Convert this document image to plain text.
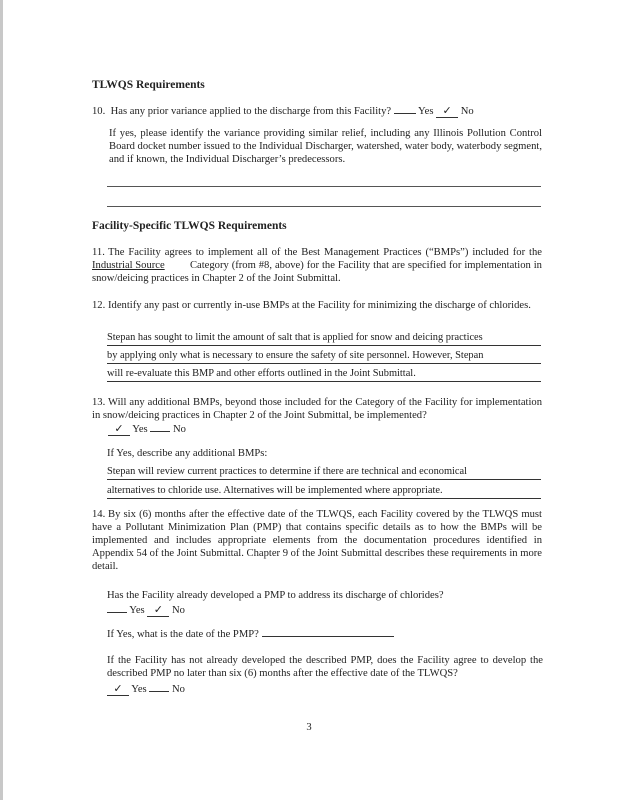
TLWQS Requirements
10. Has any prior variance applied to the discharge from this Facility?	Yes ✓ No
If yes, please identify the variance providing similar relief, including any Illinois Pollution Control Board docket number issued to the Individual Discharger, watershed, water body, waterbody segment, and if known, the Individual Discharger’s predecessors.
Facility-Specific TLWQS Requirements
11. The Facility agrees to implement all of the Best Management Practices (“BMPs”) included for the Industrial Source Category (from #8, above) for the Facility that are specified for implementation in snow/deicing practices in Chapter 2 of the Joint Submittal.
12. Identify any past or currently in-use BMPs at the Facility for minimizing the discharge of chlorides.
Stepan has sought to limit the amount of salt that is applied for snow and deicing practices
by applying only what is necessary to ensure the safety of site personnel. However, Stepan
will re-evaluate this BMP and other efforts outlined in the Joint Submittal.
13. Will any additional BMPs, beyond those included for the Category of the Facility for implementation in snow/deicing practices in Chapter 2 of the Joint Submittal, be implemented?
✓ Yes No
If Yes, describe any additional BMPs:
Stepan will review current practices to determine if there are technical and economical
alternatives to chloride use. Alternatives will be implemented where appropriate.
14. By six (6) months after the effective date of the TLWQS, each Facility covered by the TLWQS must have a Pollutant Minimization Plan (PMP) that contains specific details as to how the BMPs will be implemented and includes appropriate elements from the documentation procedures identified in Appendix 54 of the Joint Submittal. Chapter 9 of the Joint Submittal describes these requirements in more detail.
Has the Facility already developed a PMP to address its discharge of chlorides?
Yes ✓ No
If Yes, what is the date of the PMP?
If the Facility has not already developed the described PMP, does the Facility agree to develop the described PMP no later than six (6) months after the effective date of the TLWQS?
✓ Yes No
3
